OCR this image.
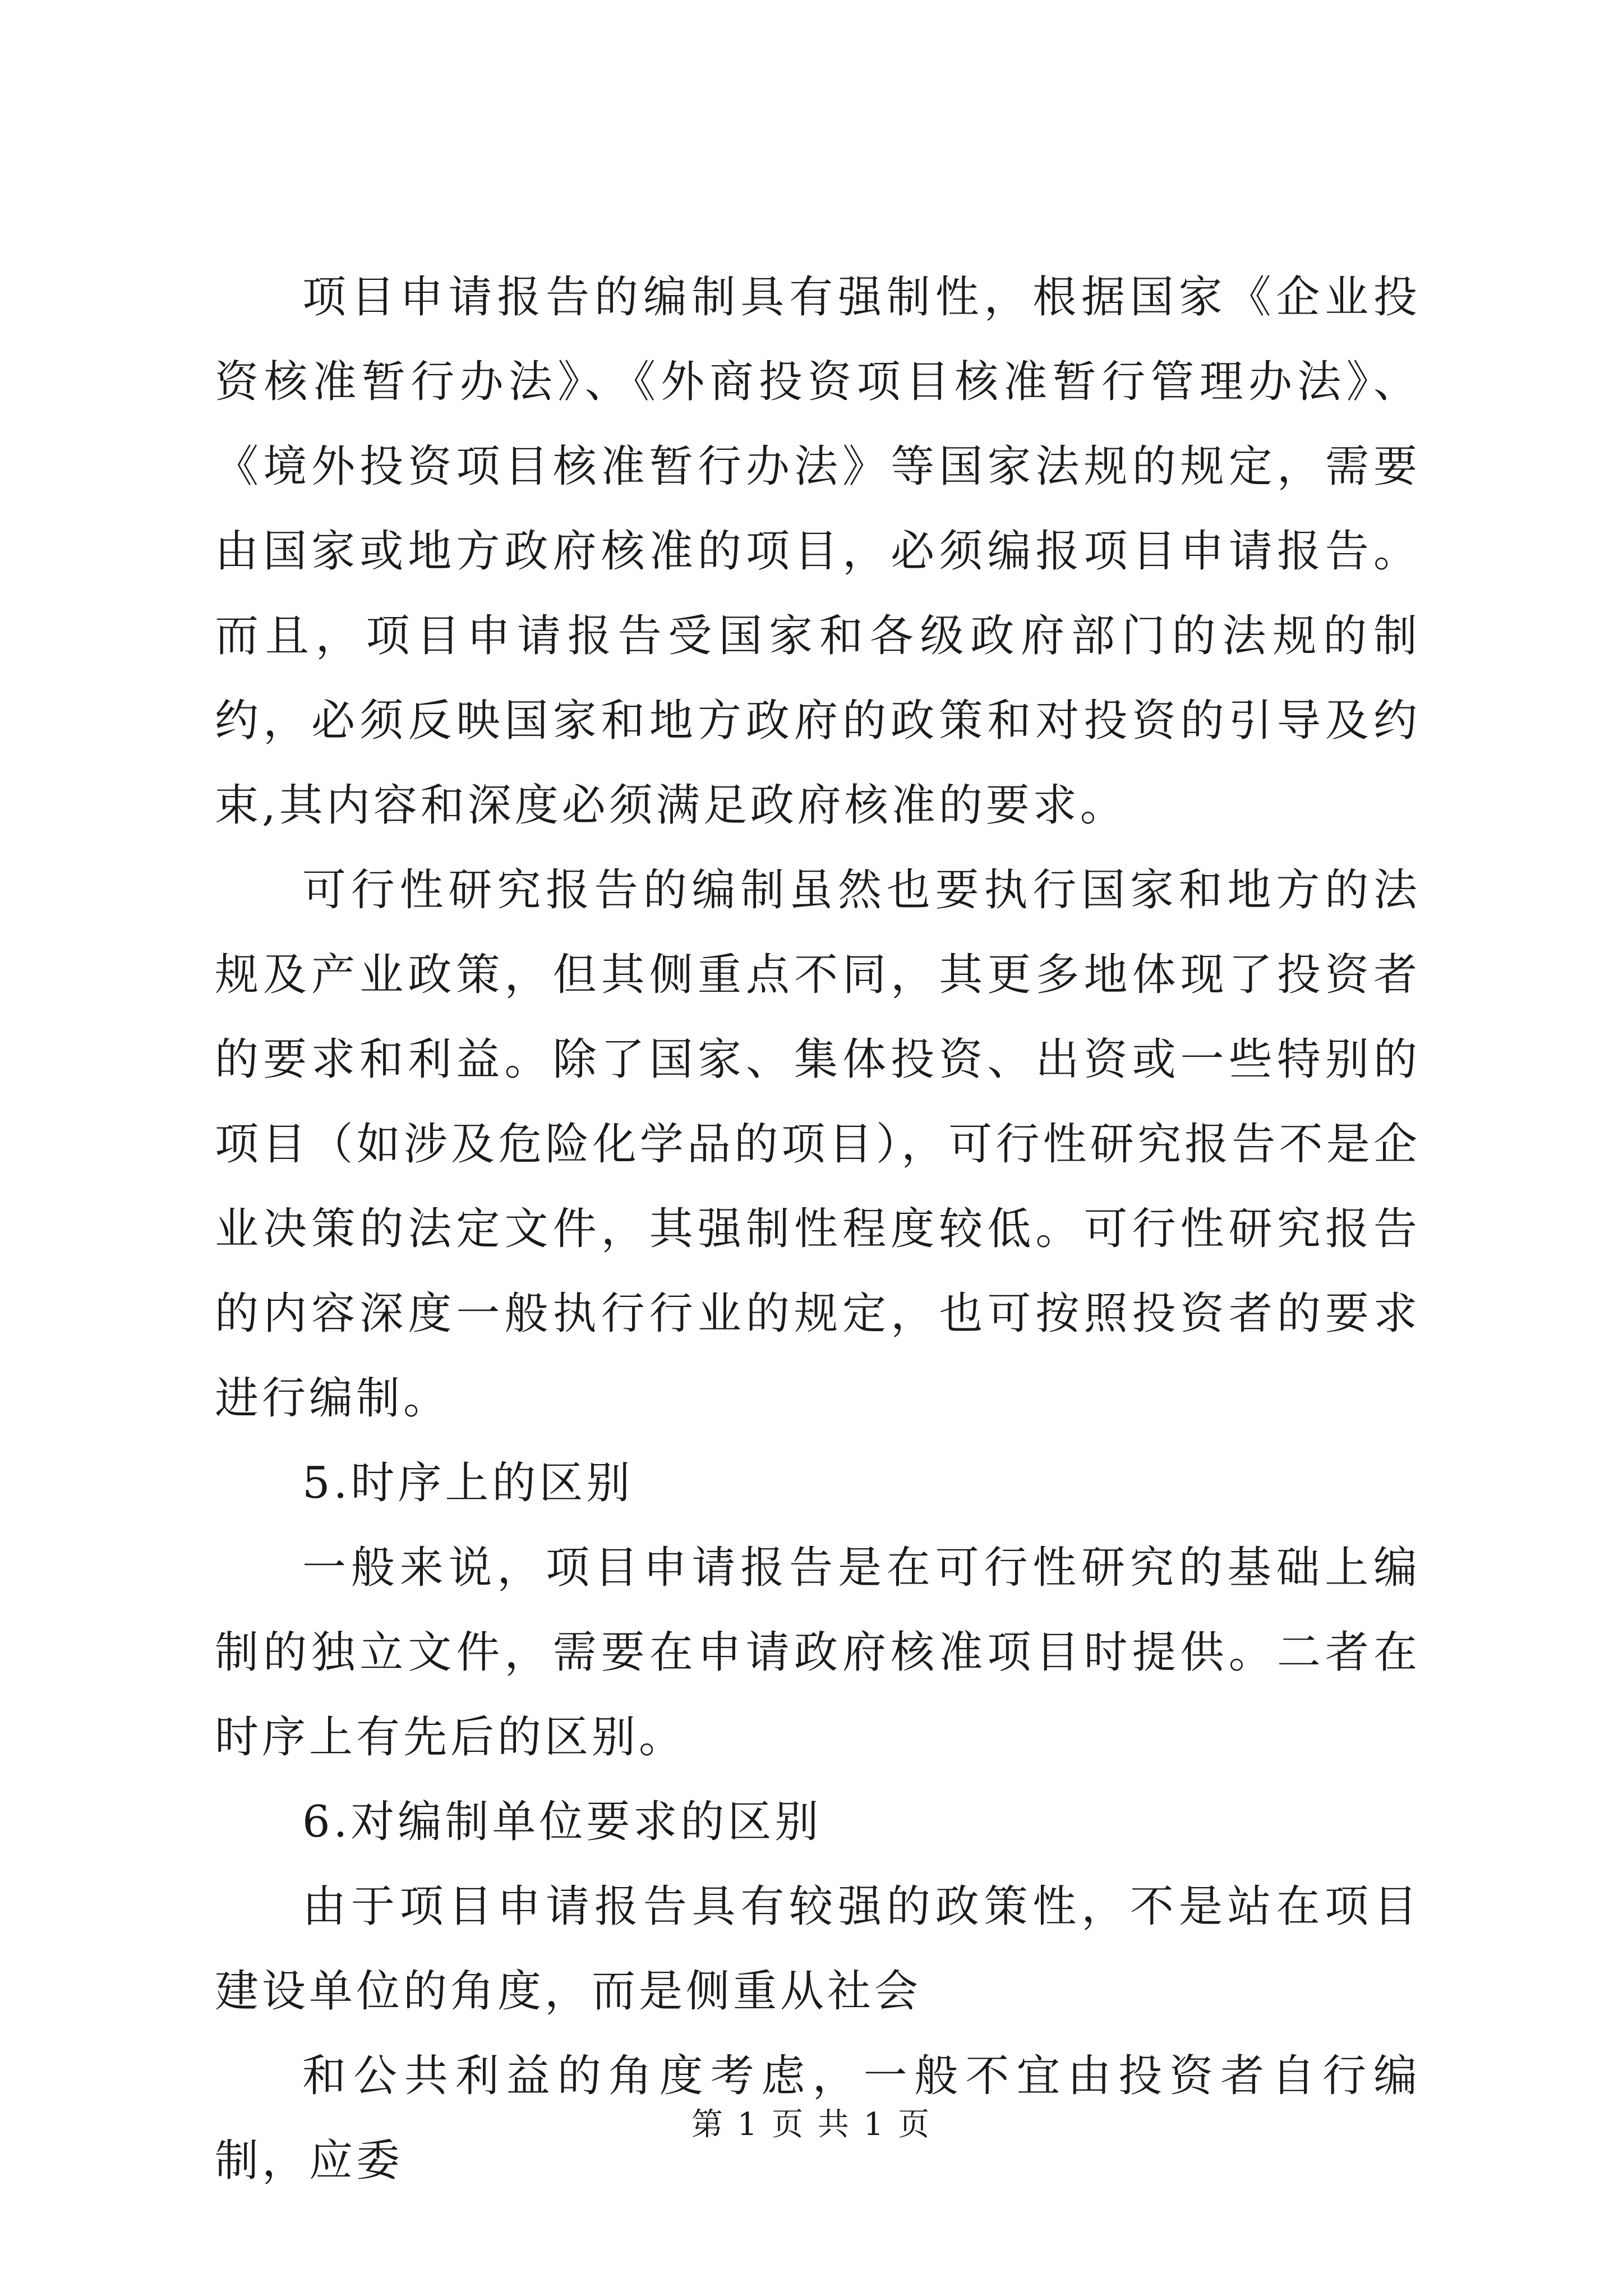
项目申请报告的编制具有强制性，根据国家《企业投资核准暂行办法》、《外商投资项目核准暂行管理办法》、《境外投资项目核准暂行办法》等国家法规的规定，需要由国家或地方政府核准的项目，必须编报项目申请报告。而且，项目申请报告受国家和各级政府部门的法规的制约，必须反映国家和地方政府的政策和对投资的引导及约束,其内容和深度必须满足政府核准的要求。

可行性研究报告的编制虽然也要执行国家和地方的法规及产业政策，但其侧重点不同，其更多地体现了投资者的要求和利益。除了国家、集体投资、出资或一些特别的项目（如涉及危险化学品的项目），可行性研究报告不是企业决策的法定文件，其强制性程度较低。可行性研究报告的内容深度一般执行行业的规定，也可按照投资者的要求进行编制。

5.时序上的区别

一般来说，项目申请报告是在可行性研究的基础上编制的独立文件，需要在申请政府核准项目时提供。二者在时序上有先后的区别。

6.对编制单位要求的区别

由于项目申请报告具有较强的政策性，不是站在项目建设单位的角度，而是侧重从社会

和公共利益的角度考虑，一般不宜由投资者自行编制，应委

第 1 页 共 1 页
